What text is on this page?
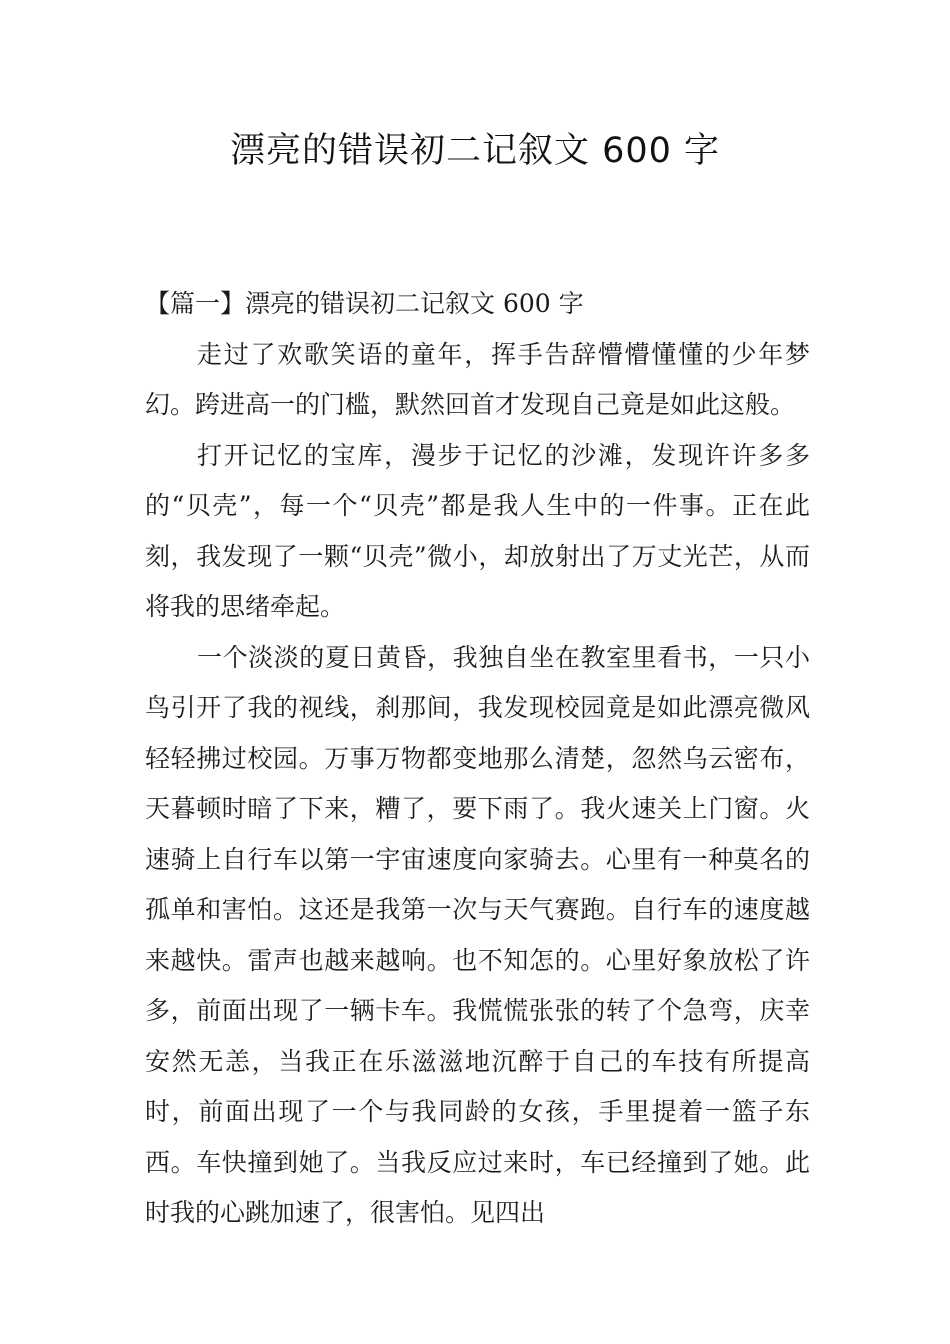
漂亮的错误初二记叙文 600 字

【篇一】漂亮的错误初二记叙文 600 字

走过了欢歌笑语的童年，挥手告辞懵懵懂懂的少年梦幻。跨进高一的门槛，默然回首才发现自己竟是如此这般。

打开记忆的宝库，漫步于记忆的沙滩，发现许许多多的“贝壳”，每一个“贝壳”都是我人生中的一件事。正在此刻，我发现了一颗“贝壳”微小，却放射出了万丈光芒，从而将我的思绪牵起。

一个淡淡的夏日黄昏，我独自坐在教室里看书，一只小鸟引开了我的视线，刹那间，我发现校园竟是如此漂亮微风轻轻拂过校园。万事万物都变地那么清楚，忽然乌云密布，天暮顿时暗了下来，糟了，要下雨了。我火速关上门窗。火速骑上自行车以第一宇宙速度向家骑去。心里有一种莫名的孤单和害怕。这还是我第一次与天气赛跑。自行车的速度越来越快。雷声也越来越响。也不知怎的。心里好象放松了许多，前面出现了一辆卡车。我慌慌张张的转了个急弯，庆幸安然无恙，当我正在乐滋滋地沉醉于自己的车技有所提高时，前面出现了一个与我同龄的女孩，手里提着一篮子东西。车快撞到她了。当我反应过来时，车已经撞到了她。此时我的心跳加速了，很害怕。见四出
